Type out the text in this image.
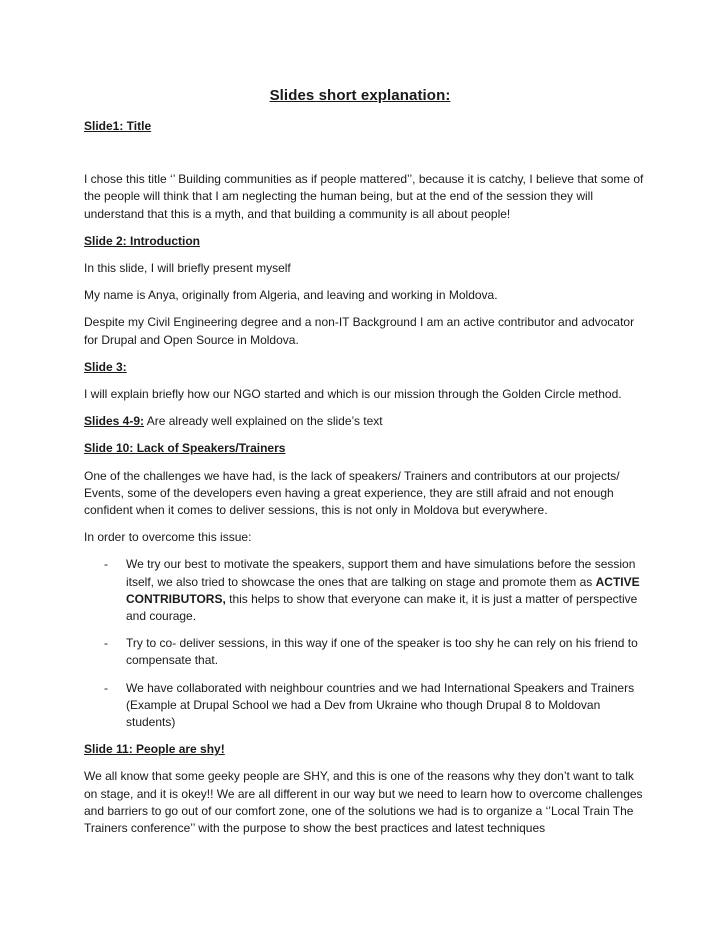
Slides short explanation:
Slide1: Title

I chose this title ‘’ Building communities as if people mattered’’, because it is catchy, I believe that some of the people will think that I am neglecting the human being, but at the end of the session they will understand that this is a myth, and that building a community is all about people!

Slide 2: Introduction

In this slide, I will briefly present myself

My name is Anya, originally from Algeria, and leaving and working in Moldova.

Despite my Civil Engineering degree and a non-IT Background I am an active contributor and advocator for Drupal and Open Source in Moldova.

Slide 3:

I will explain briefly how our NGO started and which is our mission through the Golden Circle method.

Slides 4-9: Are already well explained on the slide’s text

Slide 10: Lack of Speakers/Trainers

One of the challenges we have had, is the lack of speakers/ Trainers and contributors at our projects/ Events, some of the developers even having a great experience, they are still afraid and not enough confident when it comes to deliver sessions, this is not only in Moldova but everywhere.

In order to overcome this issue:

- We try our best to motivate the speakers, support them and have simulations before the session itself, we also tried to showcase the ones that are talking on stage and promote them as ACTIVE CONTRIBUTORS, this helps to show that everyone can make it, it is just a matter of perspective and courage.
- Try to co- deliver sessions, in this way if one of the speaker is too shy he can rely on his friend to compensate that.
- We have collaborated with neighbour countries and we had International Speakers and Trainers (Example at Drupal School we had a Dev from Ukraine who though Drupal 8 to Moldovan students)
Slide 11: People are shy!

We all know that some geeky people are SHY, and this is one of the reasons why they don’t want to talk on stage, and it is okey!! We are all different in our way but we need to learn how to overcome challenges and barriers to go out of our comfort zone, one of the solutions we had is to organize a ‘’Local Train The Trainers conference’’ with the purpose to show the best practices and latest techniques
